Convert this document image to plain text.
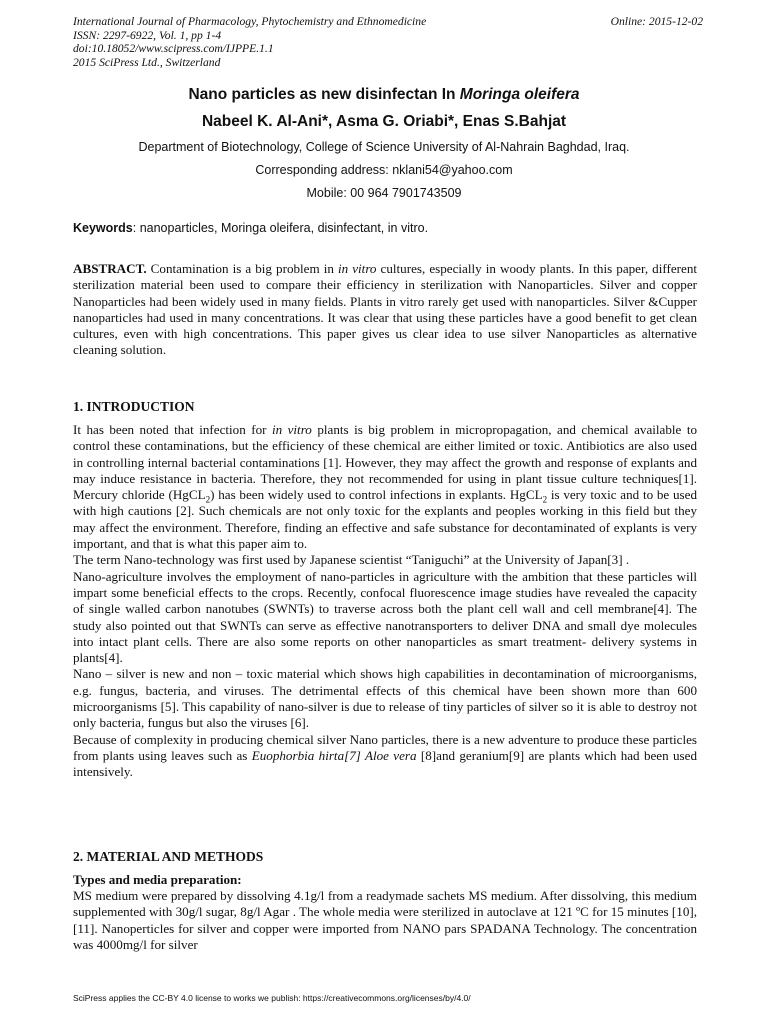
International Journal of Pharmacology, Phytochemistry and Ethnomedicine
ISSN: 2297-6922, Vol. 1, pp 1-4
doi:10.18052/www.scipress.com/IJPPE.1.1
2015 SciPress Ltd., Switzerland
Online: 2015-12-02
Nano particles as new disinfectan In Moringa oleifera
Nabeel K. Al-Ani*, Asma G. Oriabi*, Enas S.Bahjat
Department of Biotechnology, College of Science University of Al-Nahrain Baghdad, Iraq.
Corresponding address: nklani54@yahoo.com
Mobile: 00 964 7901743509
Keywords: nanoparticles, Moringa oleifera, disinfectant, in vitro.

ABSTRACT. Contamination is a big problem in in vitro cultures, especially in woody plants. In this paper, different sterilization material been used to compare their efficiency in sterilization with Nanoparticles. Silver and copper Nanoparticles had been widely used in many fields. Plants in vitro rarely get used with nanoparticles. Silver &Cupper nanoparticles had used in many concentrations. It was clear that using these particles have a good benefit to get clean cultures, even with high concentrations. This paper gives us clear idea to use silver Nanoparticles as alternative cleaning solution.

1. INTRODUCTION

It has been noted that infection for in vitro plants is big problem in micropropagation, and chemical available to control these contaminations, but the efficiency of these chemical are either limited or toxic. Antibiotics are also used in controlling internal bacterial contaminations [1]. However, they may affect the growth and response of explants and may induce resistance in bacteria. Therefore, they not recommended for using in plant tissue culture techniques[1]. Mercury chloride (HgCL$_2$) has been widely used to control infections in explants. HgCL$_2$ is very toxic and to be used with high cautions [2]. Such chemicals are not only toxic for the explants and peoples working in this field but they may affect the environment. Therefore, finding an effective and safe substance for decontaminated of explants is very important, and that is what this paper aim to.

The term Nano-technology was first used by Japanese scientist “Taniguchi” at the University of Japan[3] .

Nano-agriculture involves the employment of nano-particles in agriculture with the ambition that these particles will impart some beneficial effects to the crops. Recently, confocal fluorescence image studies have revealed the capacity of single walled carbon nanotubes (SWNTs) to traverse across both the plant cell wall and cell membrane[4]. The study also pointed out that SWNTs can serve as effective nanotransporters to deliver DNA and small dye molecules into intact plant cells. There are also some reports on other nanoparticles as smart treatment- delivery systems in plants[4].

Nano – silver is new and non – toxic material which shows high capabilities in decontamination of microorganisms, e.g. fungus, bacteria, and viruses. The detrimental effects of this chemical have been shown more than 600 microorganisms [5]. This capability of nano-silver is due to release of tiny particles of silver so it is able to destroy not only bacteria, fungus but also the viruses [6].

Because of complexity in producing chemical silver Nano particles, there is a new adventure to produce these particles from plants using leaves such as Euophorbia hirta[7] Aloe vera [8]and geranium[9] are plants which had been used intensively.

2. MATERIAL AND METHODS
Types and media preparation:

MS medium were prepared by dissolving 4.1g/l from a readymade sachets MS medium. After dissolving, this medium supplemented with 30g/l sugar, 8g/l Agar . The whole media were sterilized in autoclave at 121 ºC for 15 minutes [10],[11]. Nanoperticles for silver and copper were imported from NANO pars SPADANA Technology. The concentration was 4000mg/l for silver

SciPress applies the CC-BY 4.0 license to works we publish: https://creativecommons.org/licenses/by/4.0/
